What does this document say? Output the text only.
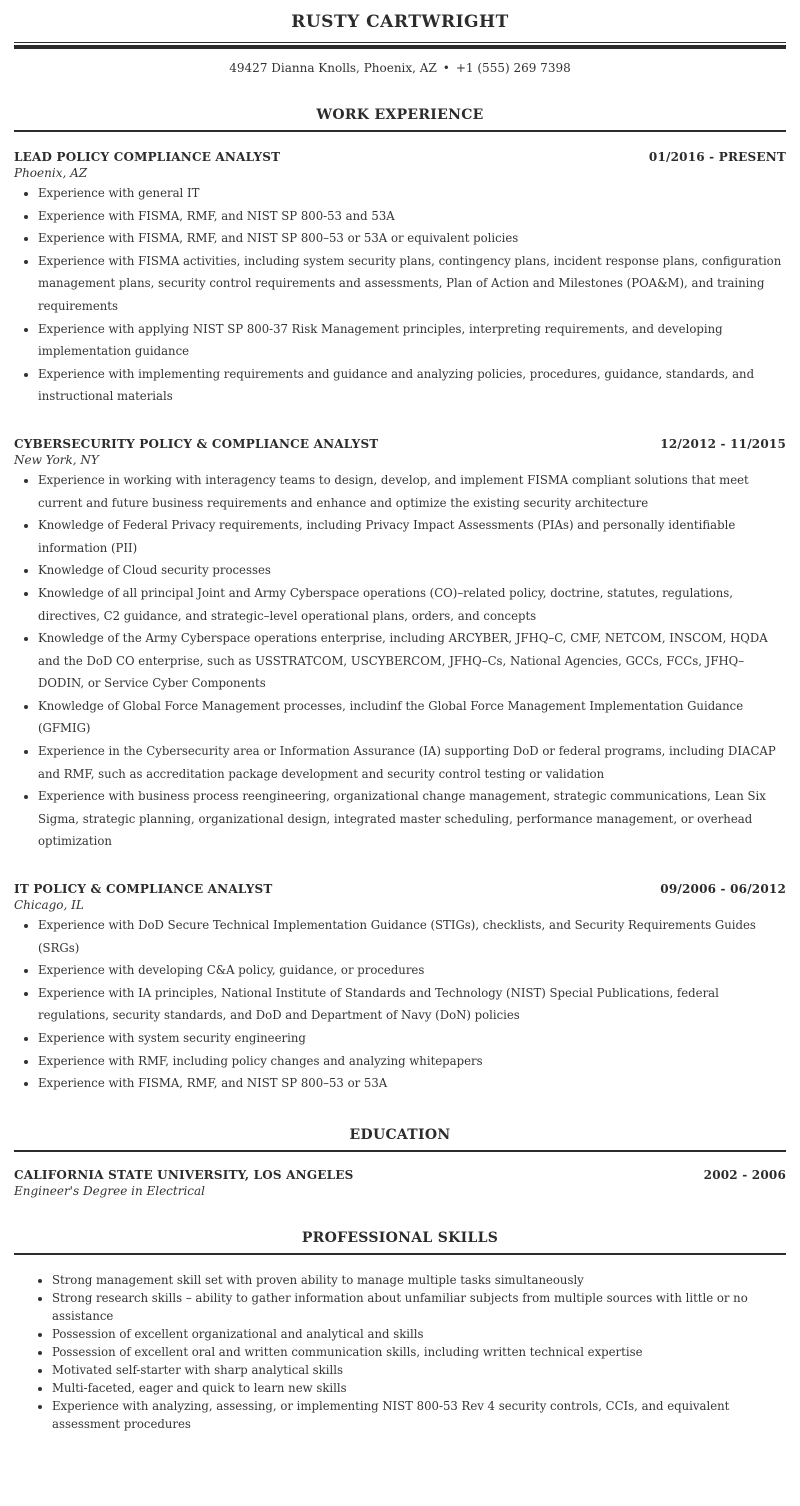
RUSTY CARTWRIGHT
49427 Dianna Knolls, Phoenix, AZ • +1 (555) 269 7398
WORK EXPERIENCE
LEAD POLICY COMPLIANCE ANALYST	01/2016 - PRESENT
Phoenix, AZ
• Experience with general IT
• Experience with FISMA, RMF, and NIST SP 800-53 and 53A
• Experience with FISMA, RMF, and NIST SP 800–53 or 53A or equivalent policies
• Experience with FISMA activities, including system security plans, contingency plans, incident response plans, configuration management plans, security control requirements and assessments, Plan of Action and Milestones (POA&M), and training requirements
• Experience with applying NIST SP 800-37 Risk Management principles, interpreting requirements, and developing implementation guidance
• Experience with implementing requirements and guidance and analyzing policies, procedures, guidance, standards, and instructional materials
CYBERSECURITY POLICY & COMPLIANCE ANALYST	12/2012 - 11/2015
New York, NY
• Experience in working with interagency teams to design, develop, and implement FISMA compliant solutions that meet current and future business requirements and enhance and optimize the existing security architecture
• Knowledge of Federal Privacy requirements, including Privacy Impact Assessments (PIAs) and personally identifiable information (PII)
• Knowledge of Cloud security processes
• Knowledge of all principal Joint and Army Cyberspace operations (CO)–related policy, doctrine, statutes, regulations, directives, C2 guidance, and strategic–level operational plans, orders, and concepts
• Knowledge of the Army Cyberspace operations enterprise, including ARCYBER, JFHQ–C, CMF, NETCOM, INSCOM, HQDA and the DoD CO enterprise, such as USSTRATCOM, USCYBERCOM, JFHQ–Cs, National Agencies, GCCs, FCCs, JFHQ–DODIN, or Service Cyber Components
• Knowledge of Global Force Management processes, includinf the Global Force Management Implementation Guidance (GFMIG)
• Experience in the Cybersecurity area or Information Assurance (IA) supporting DoD or federal programs, including DIACAP and RMF, such as accreditation package development and security control testing or validation
• Experience with business process reengineering, organizational change management, strategic communications, Lean Six Sigma, strategic planning, organizational design, integrated master scheduling, performance management, or overhead optimization
IT POLICY & COMPLIANCE ANALYST	09/2006 - 06/2012
Chicago, IL
• Experience with DoD Secure Technical Implementation Guidance (STIGs), checklists, and Security Requirements Guides (SRGs)
• Experience with developing C&A policy, guidance, or procedures
• Experience with IA principles, National Institute of Standards and Technology (NIST) Special Publications, federal regulations, security standards, and DoD and Department of Navy (DoN) policies
• Experience with system security engineering
• Experience with RMF, including policy changes and analyzing whitepapers
• Experience with FISMA, RMF, and NIST SP 800–53 or 53A
EDUCATION
CALIFORNIA STATE UNIVERSITY, LOS ANGELES	2002 - 2006
Engineer's Degree in Electrical
PROFESSIONAL SKILLS
• Strong management skill set with proven ability to manage multiple tasks simultaneously
• Strong research skills – ability to gather information about unfamiliar subjects from multiple sources with little or no assistance
• Possession of excellent organizational and analytical and skills
• Possession of excellent oral and written communication skills, including written technical expertise
• Motivated self-starter with sharp analytical skills
• Multi-faceted, eager and quick to learn new skills
• Experience with analyzing, assessing, or implementing NIST 800-53 Rev 4 security controls, CCIs, and equivalent assessment procedures
